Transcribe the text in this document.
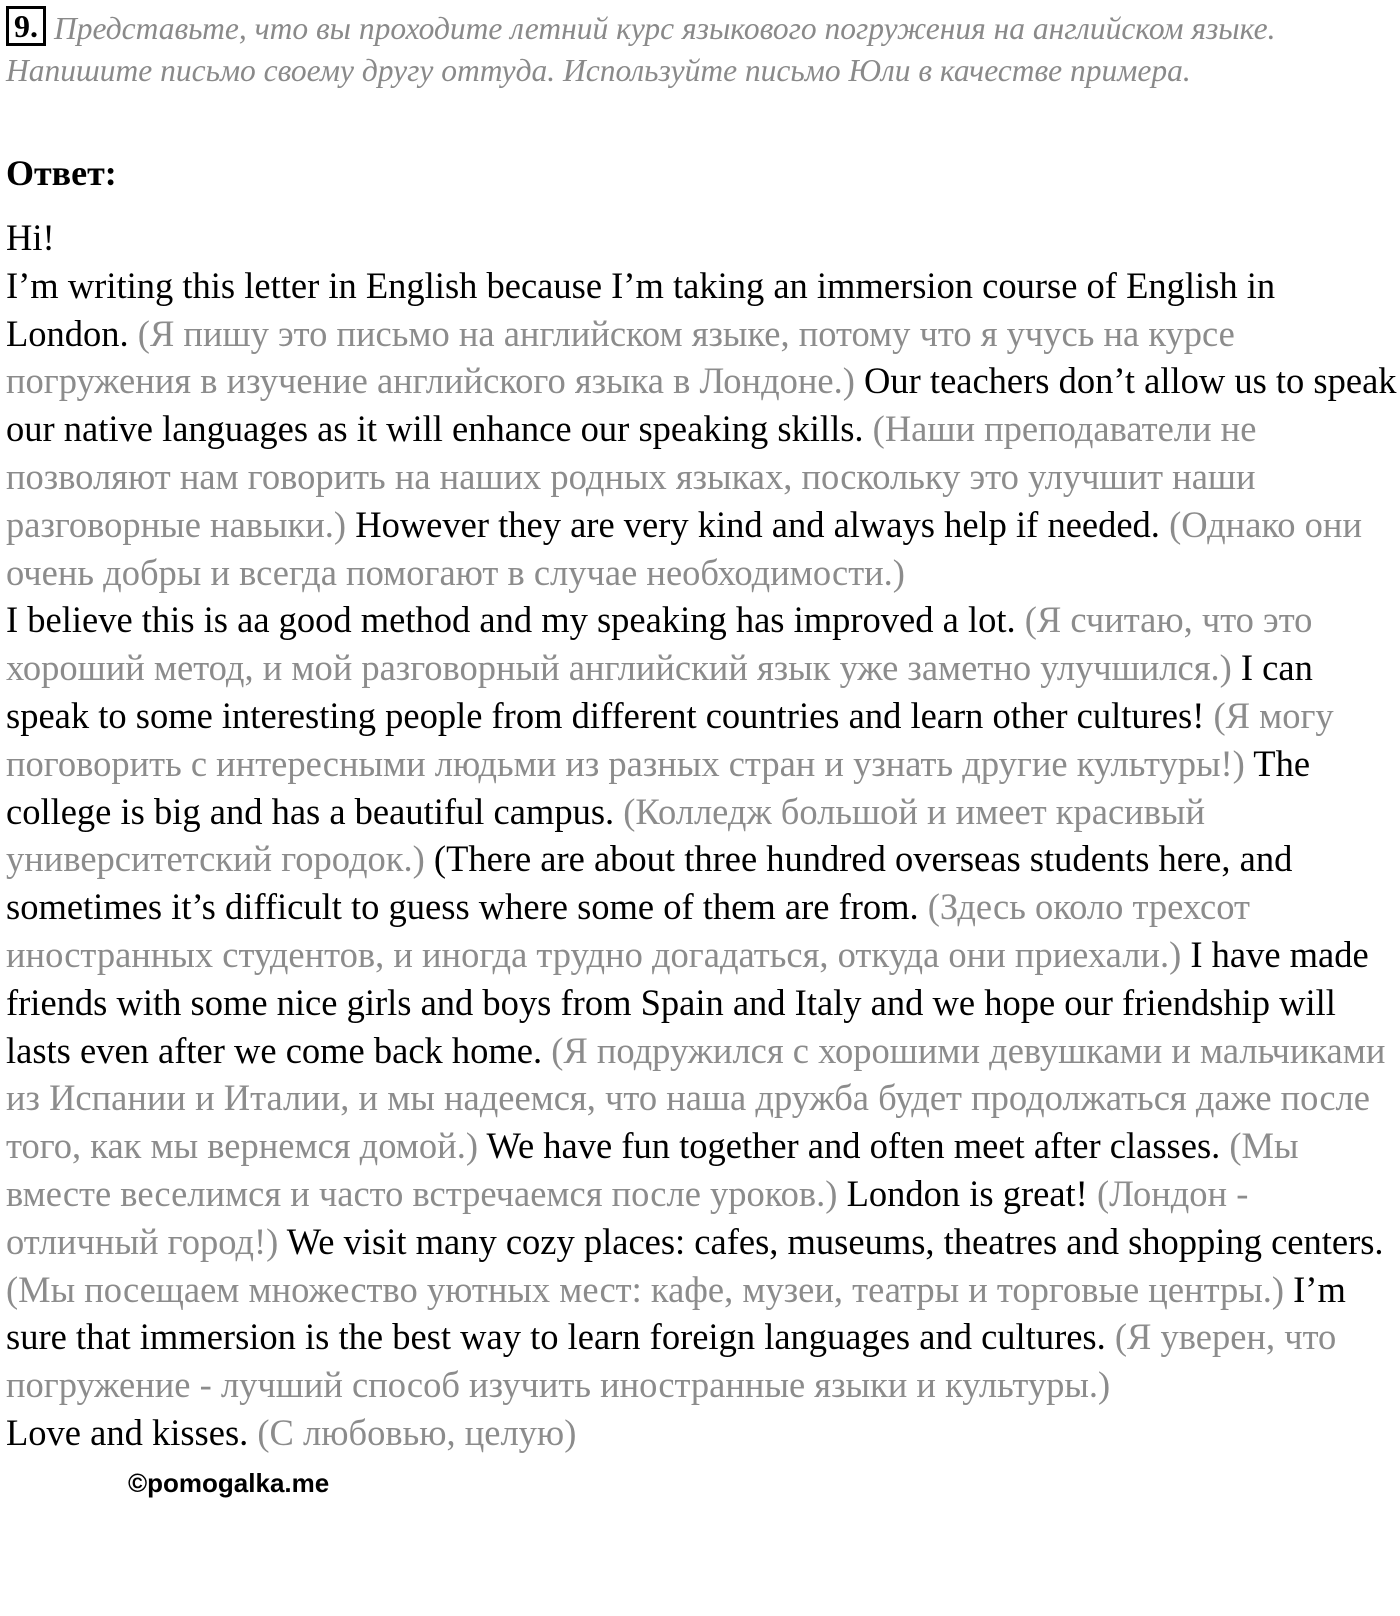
9. Представьте, что вы проходите летний курс языкового погружения на английском языке. Напишите письмо своему другу оттуда. Используйте письмо Юли в качестве примера.

Ответ:

Hi!

I’m writing this letter in English because I’m taking an immersion course of English in London. (Я пишу это письмо на английском языке, потому что я учусь на курсе погружения в изучение английского языка в Лондоне.) Our teachers don’t allow us to speak our native languages as it will enhance our speaking skills. (Наши преподаватели не позволяют нам говорить на наших родных языках, поскольку это улучшит наши разговорные навыки.) However they are very kind and always help if needed. (Однако они очень добры и всегда помогают в случае необходимости.)

I believe this is aa good method and my speaking has improved a lot. (Я считаю, что это хороший метод, и мой разговорный английский язык уже заметно улучшился.) I can speak to some interesting people from different countries and learn other cultures! (Я могу поговорить с интересными людьми из разных стран и узнать другие культуры!) The college is big and has a beautiful campus. (Колледж большой и имеет красивый университетский городок.) (There are about three hundred overseas students here, and sometimes it’s difficult to guess where some of them are from. (Здесь около трехсот иностранных студентов, и иногда трудно догадаться, откуда они приехали.) I have made friends with some nice girls and boys from Spain and Italy and we hope our friendship will lasts even after we come back home. (Я подружился с хорошими девушками и мальчиками из Испании и Италии, и мы надеемся, что наша дружба будет продолжаться даже после того, как мы вернемся домой.) We have fun together and often meet after classes. (Мы вместе веселимся и часто встречаемся после уроков.) London is great! (Лондон - отличный город!) We visit many cozy places: cafes, museums, theatres and shopping centers. (Мы посещаем множество уютных мест: кафе, музеи, театры и торговые центры.) I’m sure that immersion is the best way to learn foreign languages and cultures. (Я уверен, что погружение - лучший способ изучить иностранные языки и культуры.)

Love and kisses. (С любовью, целую)

©pomogalka.me
